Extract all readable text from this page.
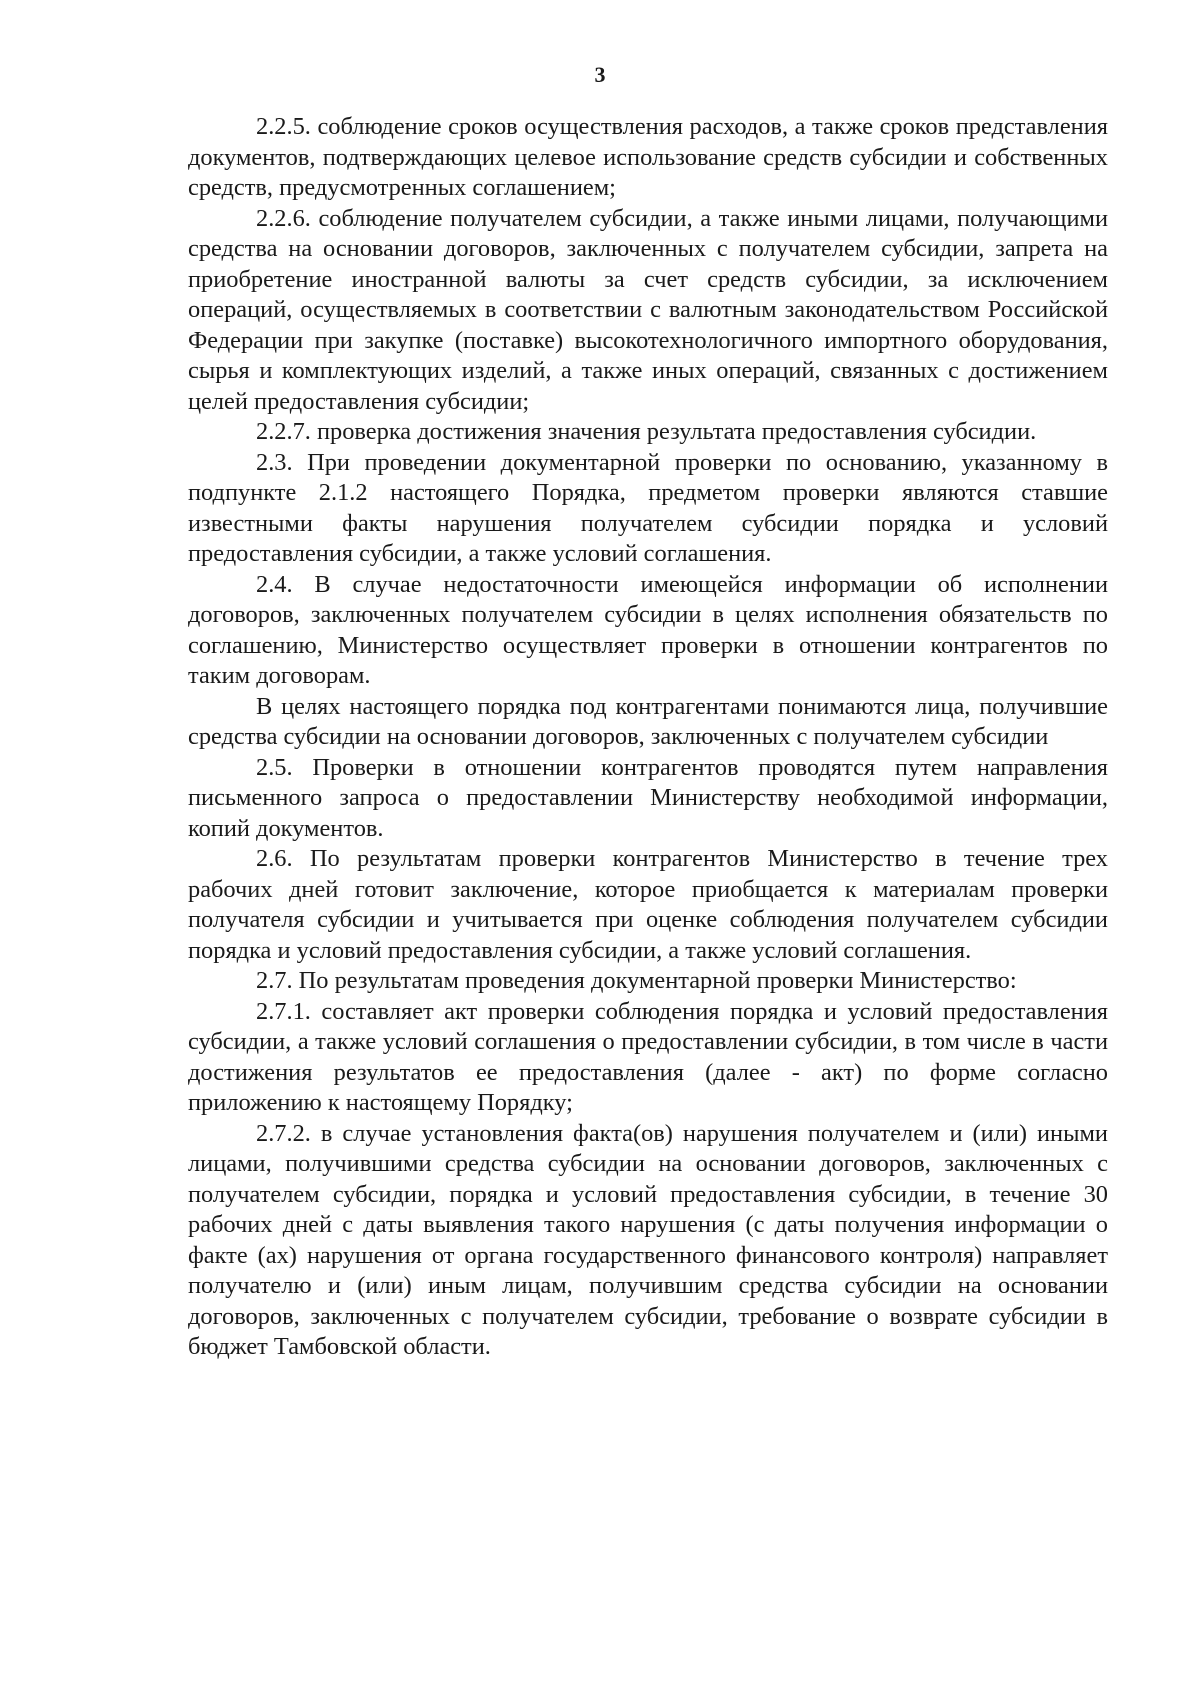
3

2.2.5. соблюдение сроков осуществления расходов, а также сроков представления документов, подтверждающих целевое использование средств субсидии и собственных средств, предусмотренных соглашением;

2.2.6. соблюдение получателем субсидии, а также иными лицами, получающими средства на основании договоров, заключенных с получателем субсидии, запрета на приобретение иностранной валюты за счет средств субсидии, за исключением операций, осуществляемых в соответствии с валютным законодательством Российской Федерации при закупке (поставке) высокотехнологичного импортного оборудования, сырья и комплектующих изделий, а также иных операций, связанных с достижением целей предоставления субсидии;

2.2.7. проверка достижения значения результата предоставления субсидии.

2.3. При проведении документарной проверки по основанию, указанному в подпункте 2.1.2 настоящего Порядка, предметом проверки являются ставшие известными факты нарушения получателем субсидии порядка и условий предоставления субсидии, а также условий соглашения.

2.4. В случае недостаточности имеющейся информации об исполнении договоров, заключенных получателем субсидии в целях исполнения обязательств по соглашению, Министерство осуществляет проверки в отношении контрагентов по таким договорам.

В целях настоящего порядка под контрагентами понимаются лица, получившие средства субсидии на основании договоров, заключенных с получателем субсидии

2.5. Проверки в отношении контрагентов проводятся путем направления письменного запроса о предоставлении Министерству необходимой информации, копий документов.

2.6. По результатам проверки контрагентов Министерство в течение трех рабочих дней готовит заключение, которое приобщается к материалам проверки получателя субсидии и учитывается при оценке соблюдения получателем субсидии порядка и условий предоставления субсидии, а также условий соглашения.

2.7. По результатам проведения документарной проверки Министерство:

2.7.1. составляет акт проверки соблюдения порядка и условий предоставления субсидии, а также условий соглашения о предоставлении субсидии, в том числе в части достижения результатов ее предоставления (далее - акт) по форме согласно приложению к настоящему Порядку;

2.7.2. в случае установления факта(ов) нарушения получателем и (или) иными лицами, получившими средства субсидии на основании договоров, заключенных с получателем субсидии, порядка и условий предоставления субсидии, в течение 30 рабочих дней с даты выявления такого нарушения (с даты получения информации о факте (ах) нарушения от органа государственного финансового контроля) направляет получателю и (или) иным лицам, получившим средства субсидии на основании договоров, заключенных с получателем субсидии, требование о возврате субсидии в бюджет Тамбовской области.
